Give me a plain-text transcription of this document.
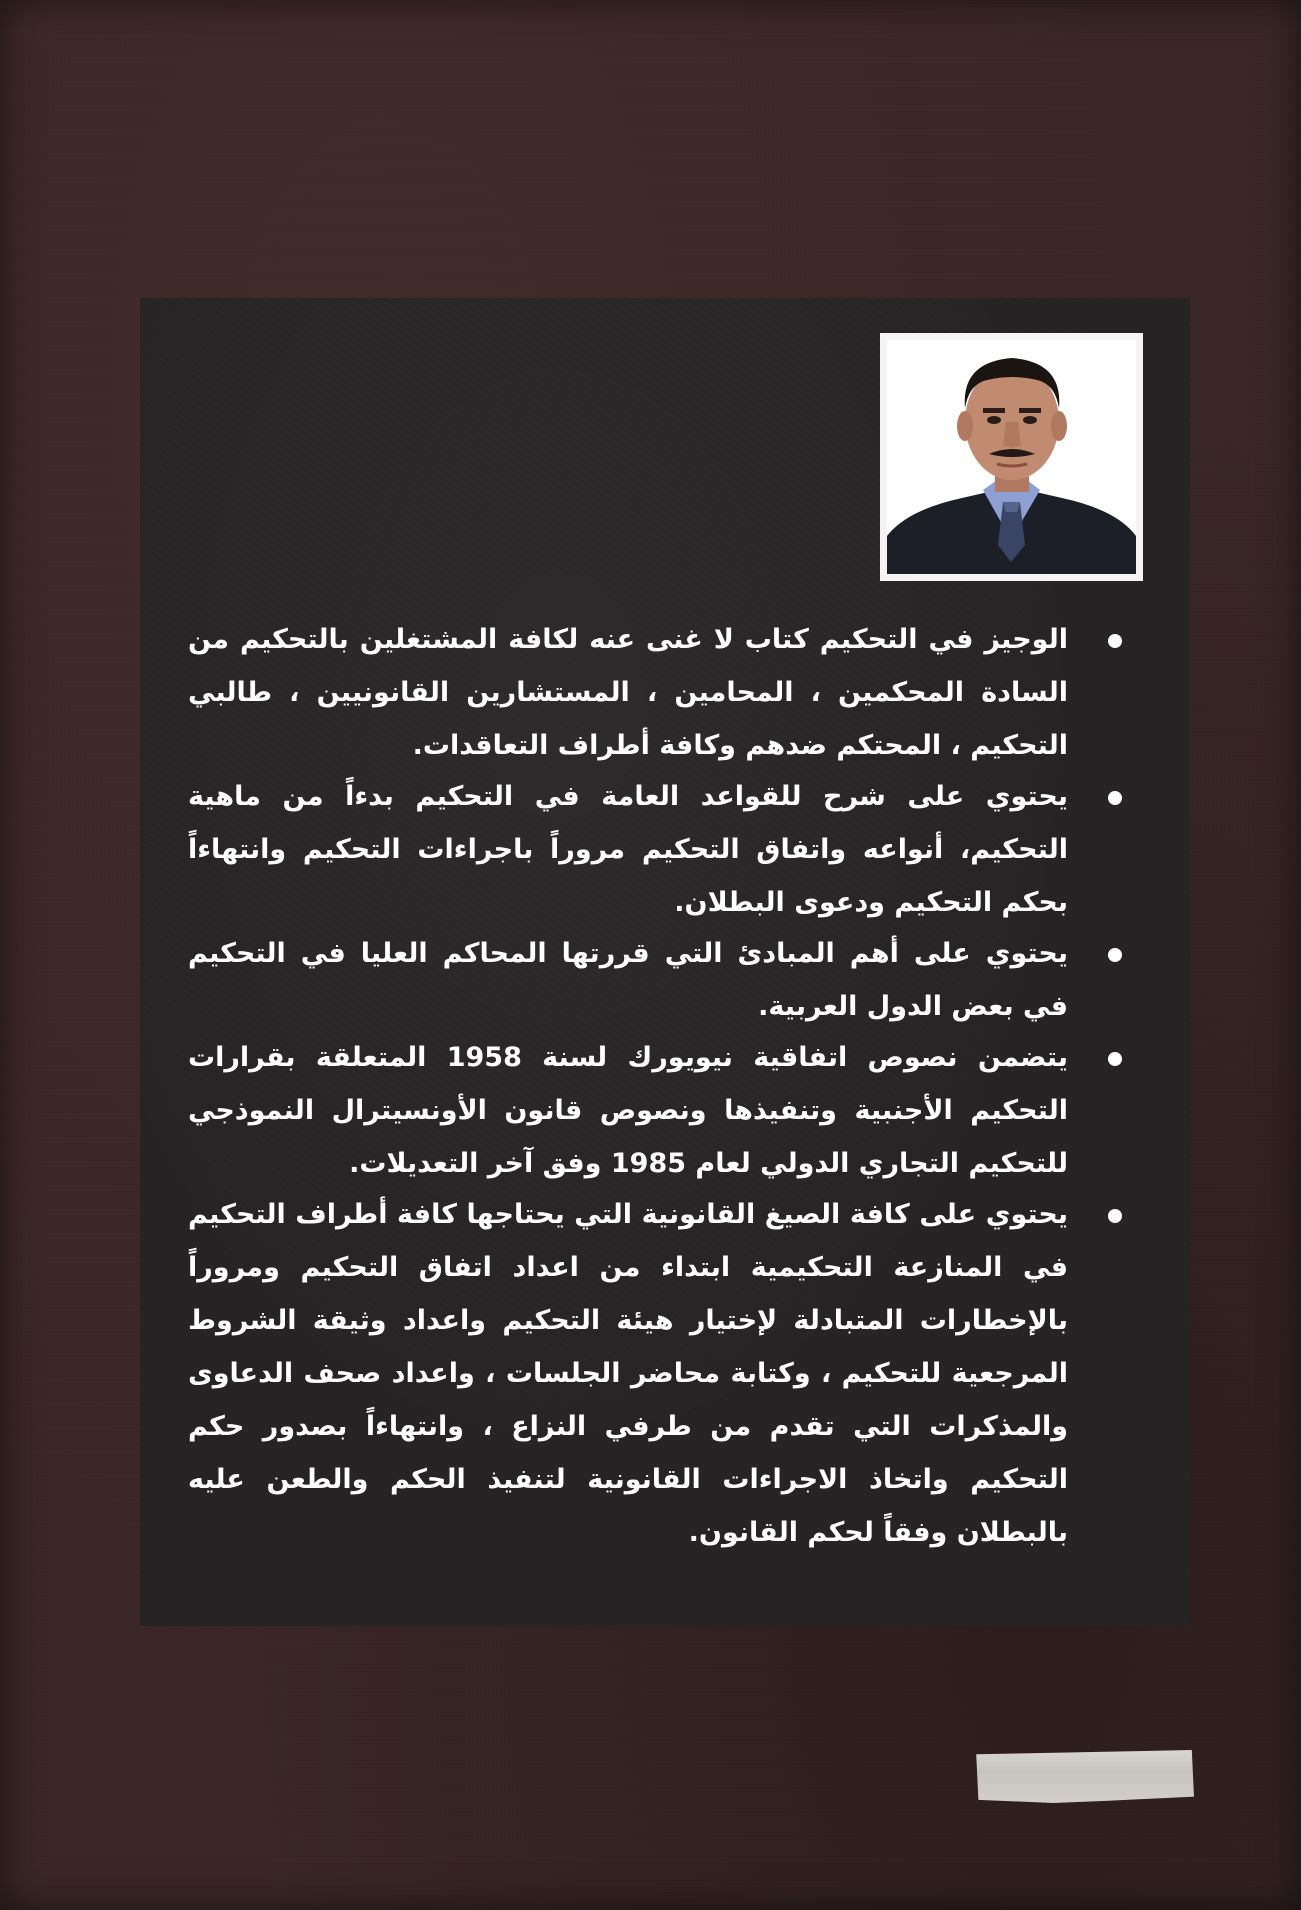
الوجيز في التحكيم كتاب لا غنى عنه لكافة المشتغلين بالتحكيم من السادة المحكمين ، المحامين ، المستشارين القانونيين ، طالبي التحكيم ، المحتكم ضدهم وكافة أطراف التعاقدات.
يحتوي على شرح للقواعد العامة في التحكيم بدءاً من ماهية التحكيم، أنواعه واتفاق التحكيم مروراً باجراءات التحكيم وانتهاءاً بحكم التحكيم ودعوى البطلان.
يحتوي على أهم المبادئ التي قررتها المحاكم العليا في التحكيم في بعض الدول العربية.
يتضمن نصوص اتفاقية نيويورك لسنة 1958 المتعلقة بقرارات التحكيم الأجنبية وتنفيذها ونصوص قانون الأونسيترال النموذجي للتحكيم التجاري الدولي لعام 1985 وفق آخر التعديلات.
يحتوي على كافة الصيغ القانونية التي يحتاجها كافة أطراف التحكيم في المنازعة التحكيمية ابتداء من اعداد اتفاق التحكيم ومروراً بالإخطارات المتبادلة لإختيار هيئة التحكيم واعداد وثيقة الشروط المرجعية للتحكيم ، وكتابة محاضر الجلسات ، واعداد صحف الدعاوى والمذكرات التي تقدم من طرفي النزاع ، وانتهاءاً بصدور حكم التحكيم واتخاذ الاجراءات القانونية لتنفيذ الحكم والطعن عليه بالبطلان وفقاً لحكم القانون.
